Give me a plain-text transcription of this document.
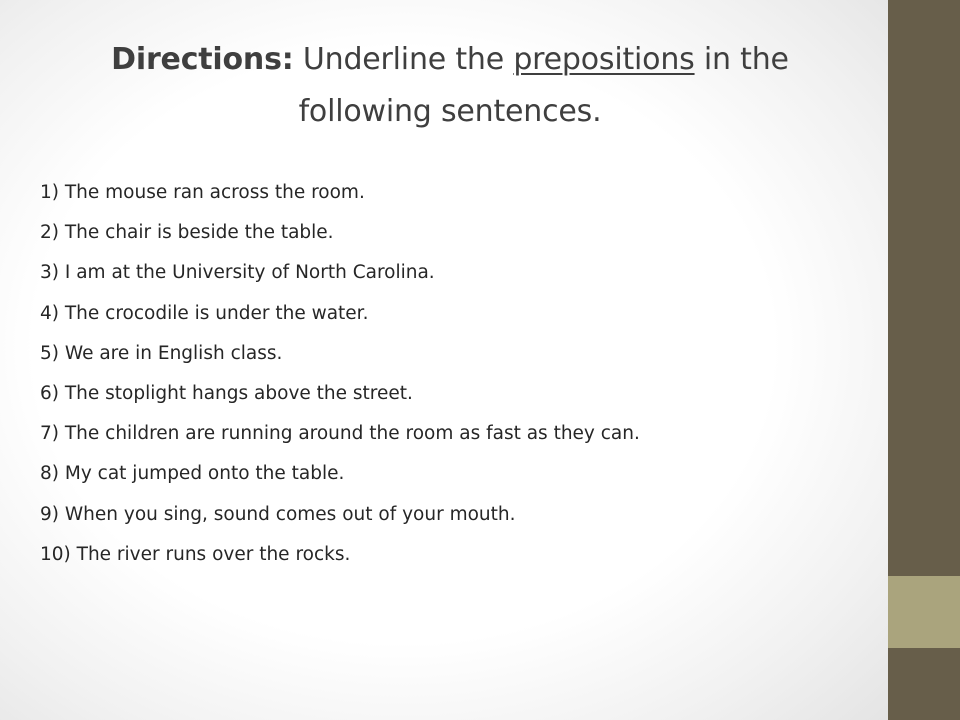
Directions: Underline the prepositions in the following sentences.
1) The mouse ran across the room.
2) The chair is beside the table.
3) I am at the University of North Carolina.
4) The crocodile is under the water.
5) We are in English class.
6) The stoplight hangs above the street.
7) The children are running around the room as fast as they can.
8) My cat jumped onto the table.
9) When you sing, sound comes out of your mouth.
10) The river runs over the rocks.
